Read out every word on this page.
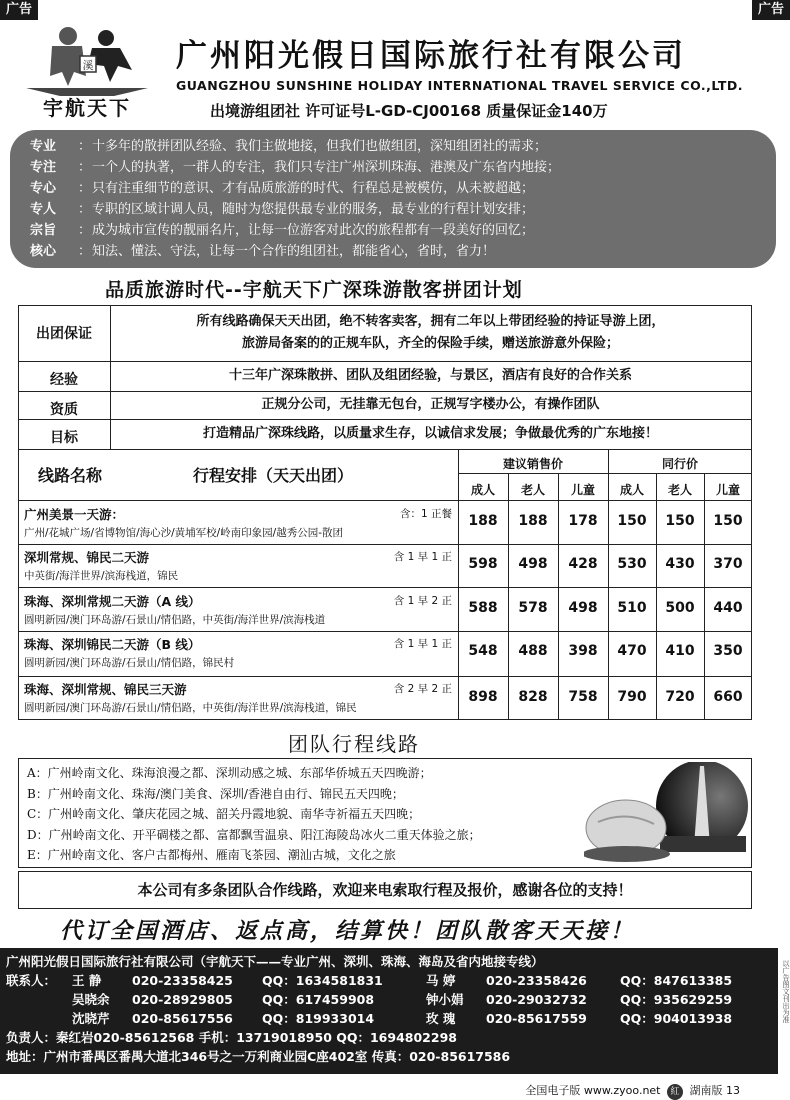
广告	广告
溪
宇航天下
广州阳光假日国际旅行社有限公司
GUANGZHOU SUNSHINE HOLIDAY INTERNATIONAL TRAVEL SERVICE CO.,LTD.
出境游组团社 许可证号L-GD-CJ00168 质量保证金140万
专业	： 十多年的散拼团队经验、我们主做地接，但我们也做组团，深知组团社的需求；
专注	： 一个人的执著，一群人的专注，我们只专注广州深圳珠海、港澳及广东省内地接；
专心	： 只有注重细节的意识、才有品质旅游的时代、行程总是被模仿，从未被超越；
专人	： 专职的区域计调人员，随时为您提供最专业的服务，最专业的行程计划安排；
宗旨	： 成为城市宣传的靓丽名片，让每一位游客对此次的旅程都有一段美好的回忆；
核心	： 知法、懂法、守法，让每一个合作的组团社，都能省心，省时，省力！
品质旅游时代--宇航天下广深珠游散客拼团计划
出团保证
所有线路确保天天出团，绝不转客卖客，拥有二年以上带团经验的持证导游上团，
旅游局备案的的正规车队，齐全的保险手续，赠送旅游意外保险；
经验	十三年广深珠散拼、团队及组团经验，与景区，酒店有良好的合作关系
资质	正规分公司，无挂靠无包台，正规写字楼办公，有操作团队
目标	打造精品广深珠线路，以质量求生存，以诚信求发展；争做最优秀的广东地接！
线路名称	行程安排（天天出团）
建议销售价	同行价
成人	老人	儿童	成人	老人	儿童
广州美景一天游：	含：1 正餐
广州/花城广场/省博物馆/海心沙/黄埔军校/岭南印象园/越秀公园-散团
188	188	178	150	150	150
深圳常规、锦民二天游	含 1 早 1 正
中英街/海洋世界/滨海栈道，锦民
598	498	428	530	430	370
珠海、深圳常规二天游（A 线）	含 1 早 2 正
圆明新园/澳门环岛游/石景山/情侣路，中英街/海洋世界/滨海栈道
588	578	498	510	500	440
珠海、深圳锦民二天游（B 线）	含 1 早 1 正
圆明新园/澳门环岛游/石景山/情侣路，锦民村
548	488	398	470	410	350
珠海、深圳常规、锦民三天游	含 2 早 2 正
圆明新园/澳门环岛游/石景山/情侣路，中英街/海洋世界/滨海栈道，锦民
898	828	758	790	720	660
团队行程线路
A：广州岭南文化、珠海浪漫之都、深圳动感之城、东部华侨城五天四晚游；
B：广州岭南文化、珠海/澳门美食、深圳/香港自由行、锦民五天四晚；
C：广州岭南文化、肇庆花园之城、韶关丹霞地貌、南华寺祈福五天四晚；
D：广州岭南文化、开平碉楼之都、富都飘雪温泉、阳江海陵岛冰火二重天体验之旅；
E：广州岭南文化、客户古都梅州、雁南飞茶园、潮汕古城，文化之旅
本公司有多条团队合作线路，欢迎来电索取行程及报价，感谢各位的支持！
代订全国酒店、返点高，结算快！团队散客天天接！
广州阳光假日国际旅行社有限公司（宇航天下——专业广州、深圳、珠海、海岛及省内地接专线）
联系人： 王 静 020-23358425 QQ：1634581831	马 婷 020-23358426	QQ：847613385
吴晓余 020-28929805 QQ：617459908	钟小娟 020-29032732	QQ：935629259
沈晓芹 020-85617556 QQ：819933014	玫 瑰 020-85617559	QQ：904013938
负责人：秦红岩020-85612568 手机：13719018950 QQ：1694802298
地址：广州市番禺区番禺大道北346号之一万利商业园C座402室 传真：020-85617586
以广告图文刊出为准
全国电子版 www.zyoo.net 紅 湖南版 13
